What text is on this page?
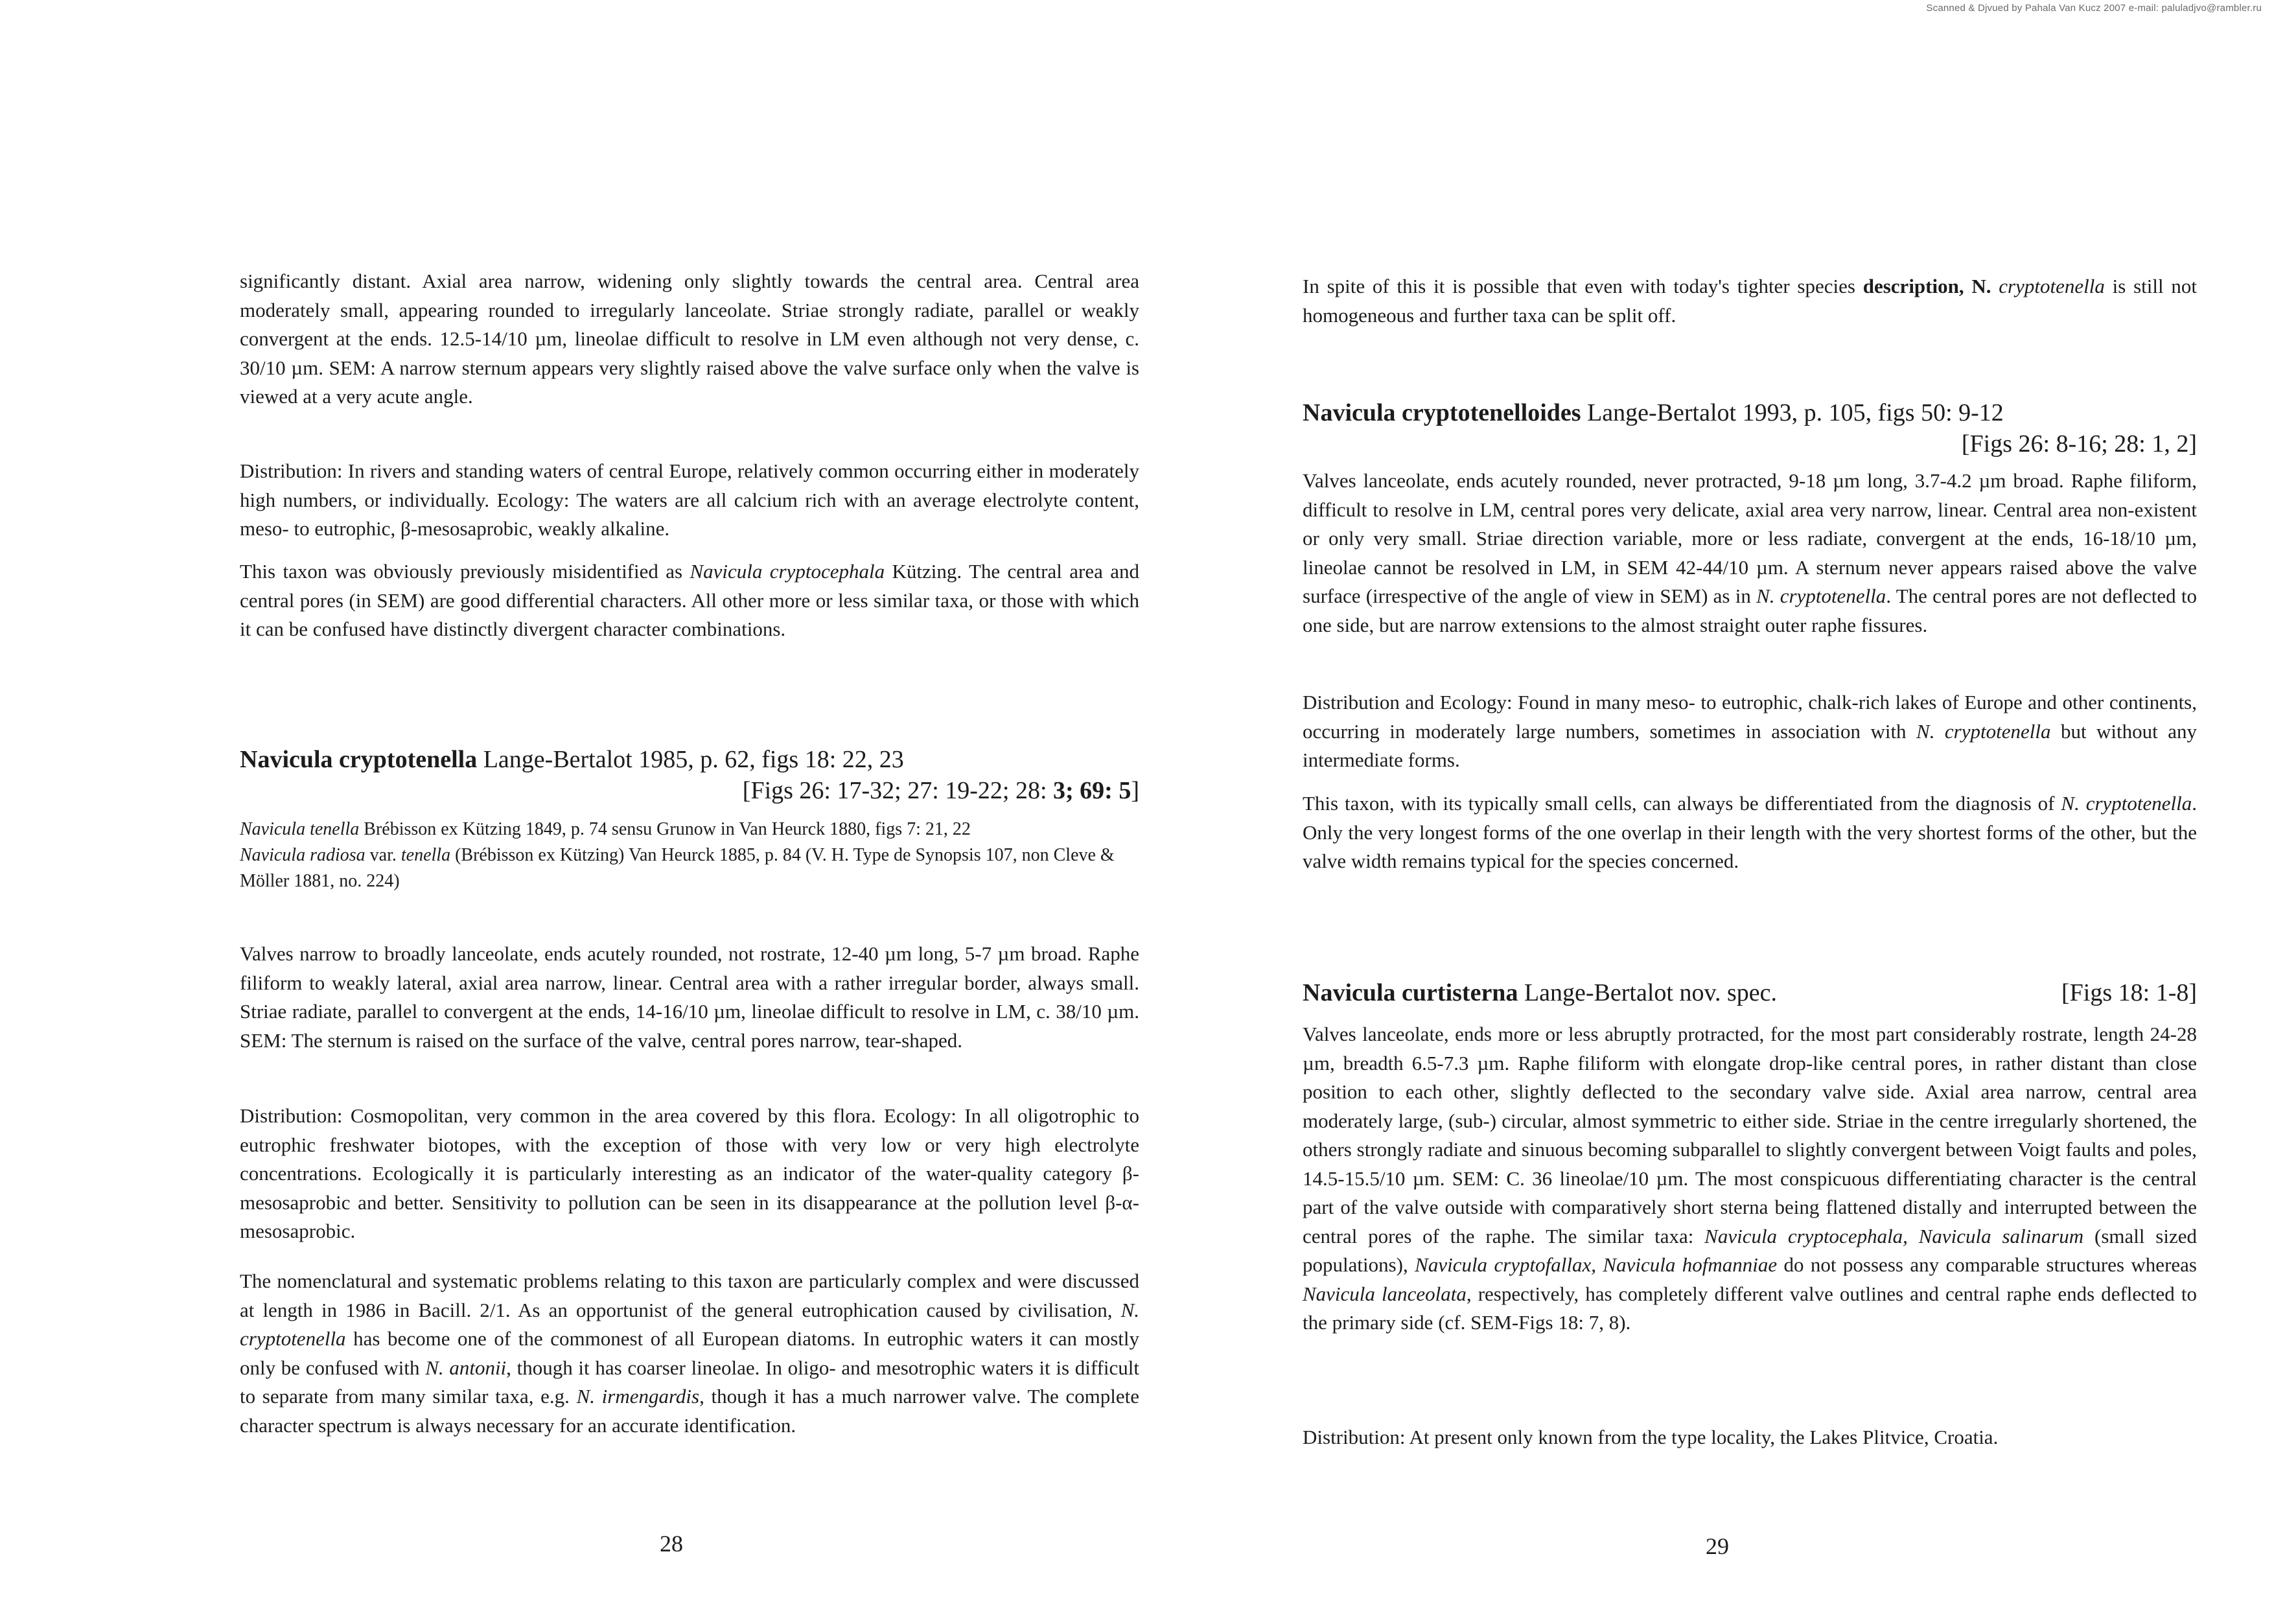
Scanned & Djvued by Pahala Van Kucz 2007 e-mail: paluladjvo@rambler.ru

significantly distant. Axial area narrow, widening only slightly towards the central area. Central area moderately small, appearing rounded to irregularly lanceolate. Striae strongly radiate, parallel or weakly convergent at the ends. 12.5-14/10 µm, lineolae difficult to resolve in LM even although not very dense, c. 30/10 µm. SEM: A narrow sternum appears very slightly raised above the valve surface only when the valve is viewed at a very acute angle.

Distribution: In rivers and standing waters of central Europe, relatively common occurring either in moderately high numbers, or individually. Ecology: The waters are all calcium rich with an average electrolyte content, meso- to eutrophic, β-mesosaprobic, weakly alkaline.

This taxon was obviously previously misidentified as Navicula cryptocephala Kützing. The central area and central pores (in SEM) are good differential characters. All other more or less similar taxa, or those with which it can be confused have distinctly divergent character combinations.

Navicula cryptotenella Lange-Bertalot 1985, p. 62, figs 18: 22, 23
[Figs 26: 17-32; 27: 19-22; 28: 3; 69: 5]

Navicula tenella Brébisson ex Kützing 1849, p. 74 sensu Grunow in Van Heurck 1880, figs 7: 21, 22

Navicula radiosa var. tenella (Brébisson ex Kützing) Van Heurck 1885, p. 84 (V. H. Type de Synopsis 107, non Cleve & Möller 1881, no. 224)

Valves narrow to broadly lanceolate, ends acutely rounded, not rostrate, 12-40 µm long, 5-7 µm broad. Raphe filiform to weakly lateral, axial area narrow, linear. Central area with a rather irregular border, always small. Striae radiate, parallel to convergent at the ends, 14-16/10 µm, lineolae difficult to resolve in LM, c. 38/10 µm. SEM: The sternum is raised on the surface of the valve, central pores narrow, tear-shaped.

Distribution: Cosmopolitan, very common in the area covered by this flora. Ecology: In all oligotrophic to eutrophic freshwater biotopes, with the exception of those with very low or very high electrolyte concentrations. Ecologically it is particularly interesting as an indicator of the water-quality category β-mesosaprobic and better. Sensitivity to pollution can be seen in its disappearance at the pollution level β-α-mesosaprobic.

The nomenclatural and systematic problems relating to this taxon are particularly complex and were discussed at length in 1986 in Bacill. 2/1. As an opportunist of the general eutrophication caused by civilisation, N. cryptotenella has become one of the commonest of all European diatoms. In eutrophic waters it can mostly only be confused with N. antonii, though it has coarser lineolae. In oligo- and mesotrophic waters it is difficult to separate from many similar taxa, e.g. N. irmengardis, though it has a much narrower valve. The complete character spectrum is always necessary for an accurate identification.

28

In spite of this it is possible that even with today's tighter species description, N. cryptotenella is still not homogeneous and further taxa can be split off.

Navicula cryptotenelloides Lange-Bertalot 1993, p. 105, figs 50: 9-12
[Figs 26: 8-16; 28: 1, 2]

Valves lanceolate, ends acutely rounded, never protracted, 9-18 µm long, 3.7-4.2 µm broad. Raphe filiform, difficult to resolve in LM, central pores very delicate, axial area very narrow, linear. Central area non-existent or only very small. Striae direction variable, more or less radiate, convergent at the ends, 16-18/10 µm, lineolae cannot be resolved in LM, in SEM 42-44/10 µm. A sternum never appears raised above the valve surface (irrespective of the angle of view in SEM) as in N. cryptotenella. The central pores are not deflected to one side, but are narrow extensions to the almost straight outer raphe fissures.

Distribution and Ecology: Found in many meso- to eutrophic, chalk-rich lakes of Europe and other continents, occurring in moderately large numbers, sometimes in association with N. cryptotenella but without any intermediate forms.

This taxon, with its typically small cells, can always be differentiated from the diagnosis of N. cryptotenella. Only the very longest forms of the one overlap in their length with the very shortest forms of the other, but the valve width remains typical for the species concerned.

Navicula curtisterna Lange-Bertalot nov. spec.	[Figs 18: 1-8]

Valves lanceolate, ends more or less abruptly protracted, for the most part considerably rostrate, length 24-28 µm, breadth 6.5-7.3 µm. Raphe filiform with elongate drop-like central pores, in rather distant than close position to each other, slightly deflected to the secondary valve side. Axial area narrow, central area moderately large, (sub-) circular, almost symmetric to either side. Striae in the centre irregularly shortened, the others strongly radiate and sinuous becoming subparallel to slightly convergent between Voigt faults and poles, 14.5-15.5/10 µm. SEM: C. 36 lineolae/10 µm. The most conspicuous differentiating character is the central part of the valve outside with comparatively short sterna being flattened distally and interrupted between the central pores of the raphe. The similar taxa: Navicula cryptocephala, Navicula salinarum (small sized populations), Navicula cryptofallax, Navicula hofmanniae do not possess any comparable structures whereas Navicula lanceolata, respectively, has completely different valve outlines and central raphe ends deflected to the primary side (cf. SEM-Figs 18: 7, 8).

Distribution: At present only known from the type locality, the Lakes Plitvice, Croatia.

29
